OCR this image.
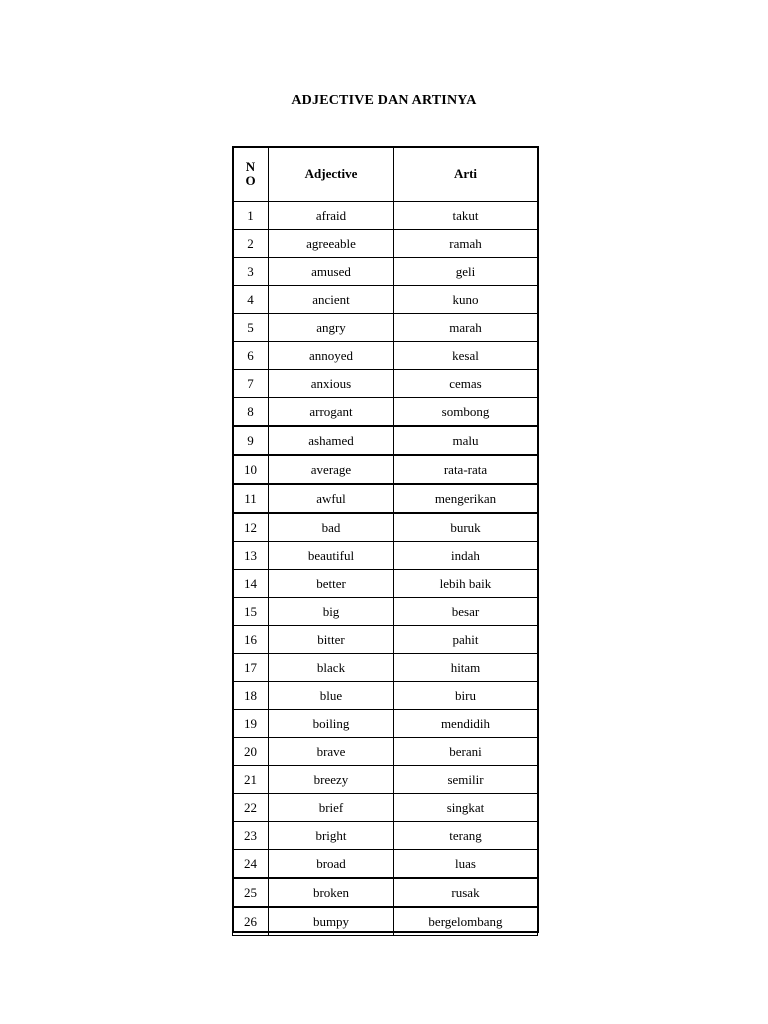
ADJECTIVE DAN ARTINYA
N
O	Adjective	Arti
1	afraid	takut
2	agreeable	ramah
3	amused	geli
4	ancient	kuno
5	angry	marah
6	annoyed	kesal
7	anxious	cemas
8	arrogant	sombong
9	ashamed	malu
10	average	rata-rata
11	awful	mengerikan
12	bad	buruk
13	beautiful	indah
14	better	lebih baik
15	big	besar
16	bitter	pahit
17	black	hitam
18	blue	biru
19	boiling	mendidih
20	brave	berani
21	breezy	semilir
22	brief	singkat
23	bright	terang
24	broad	luas
25	broken	rusak
26	bumpy	bergelombang
